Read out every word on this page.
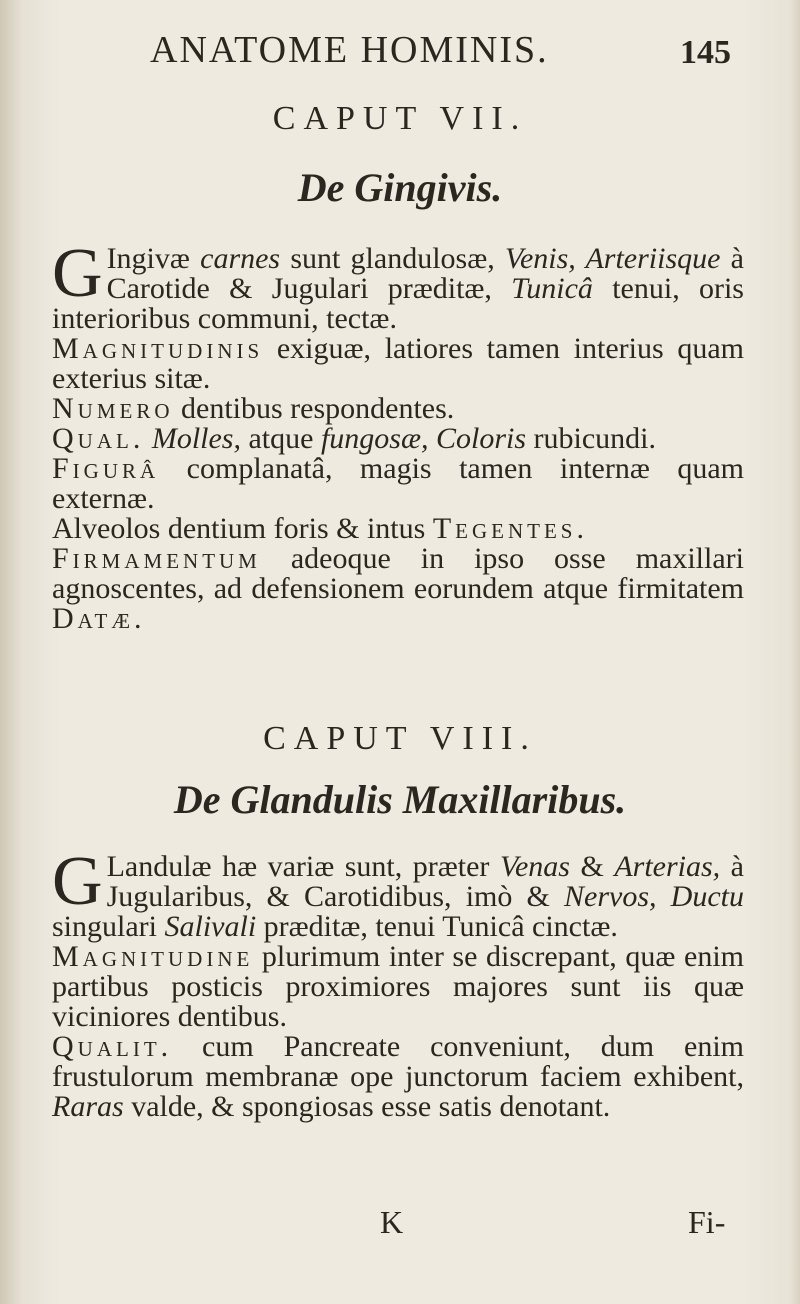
ANATOME HOMINIS.	145
CAPUT VII.
De Gingivis.

G Ingivæ carnes sunt glandulosæ, Venis, Arteriisque à Carotide & Jugulari præditæ, Tunicâ tenui, oris interioribus communi, tectæ.

Magnitudinis exiguæ, latiores tamen interius quam exterius sitæ.

Numero dentibus respondentes.

Qual. Molles, atque fungosæ, Coloris rubicundi.

Figurâ complanatâ, magis tamen internæ quam externæ.

Alveolos dentium foris & intus Tegentes.

Firmamentum adeoque in ipso osse maxillari agnoscentes, ad defensionem eorundem atque firmitatem Datæ.

CAPUT VIII.
De Glandulis Maxillaribus.

G Landulæ hæ variæ sunt, præter Venas & Arterias, à Jugularibus, & Carotidibus, imò & Nervos, Ductu singulari Salivali præditæ, tenui Tunicâ cinctæ.

Magnitudine plurimum inter se discrepant, quæ enim partibus posticis proximiores majores sunt iis quæ viciniores dentibus.

Qualit. cum Pancreate conveniunt, dum enim frustulorum membranæ ope junctorum faciem exhibent, Raras valde, & spongiosas esse satis denotant.

K	Fi-
